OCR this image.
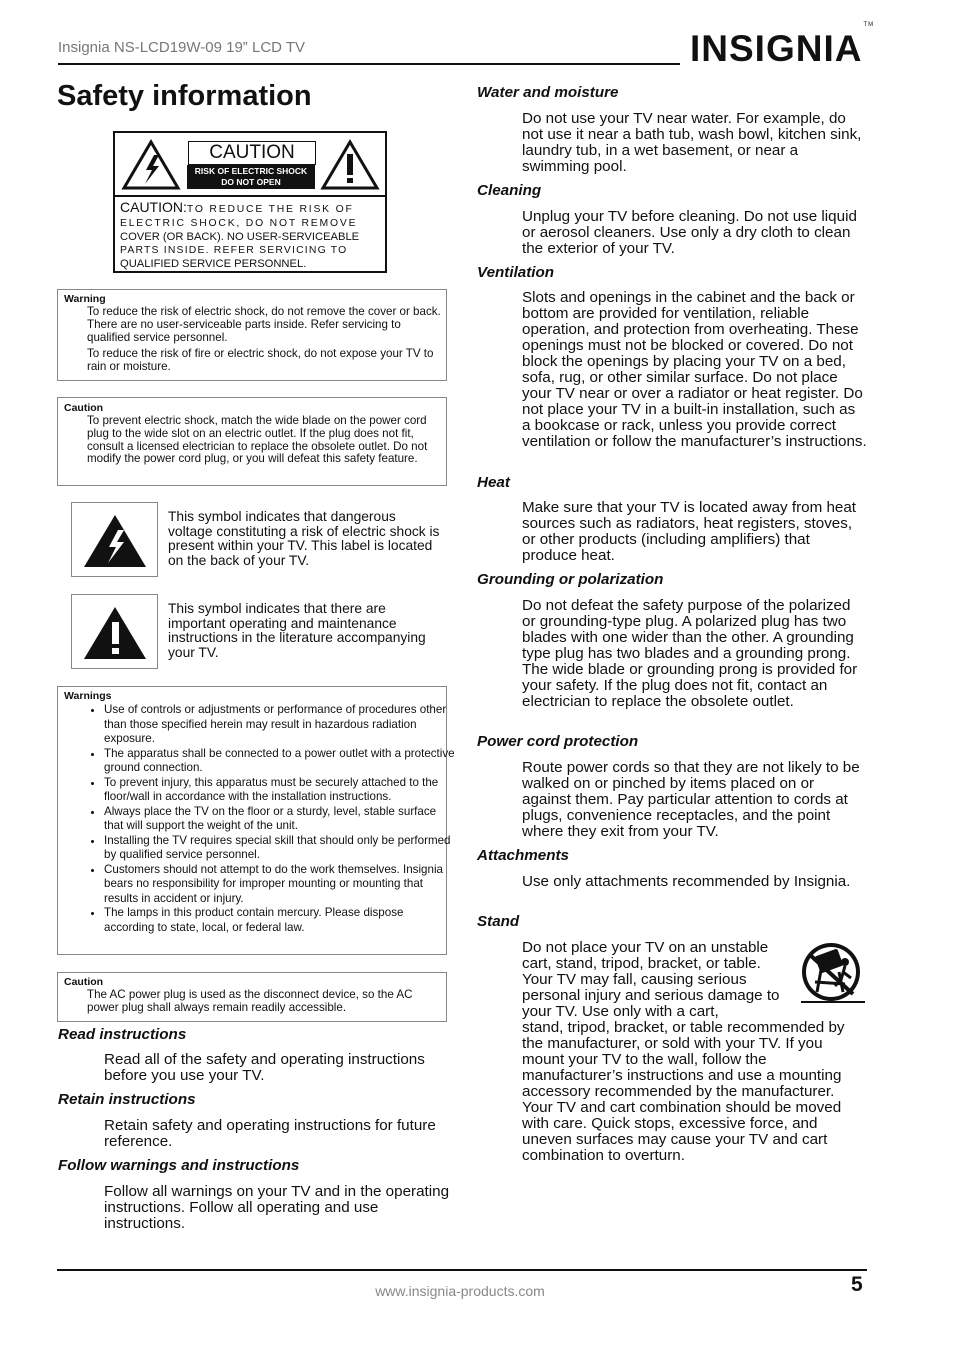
Insignia NS-LCD19W-09 19” LCD TV	INSIGNIA™
Safety information
CAUTION
RISK OF ELECTRIC SHOCK
DO NOT OPEN
CAUTION:TO REDUCE THE RISK OF
ELECTRIC SHOCK, DO NOT REMOVE
COVER (OR BACK). NO USER-SERVICEABLE
PARTS INSIDE. REFER SERVICING TO
QUALIFIED SERVICE PERSONNEL.
Warning
To reduce the risk of electric shock, do not remove the cover or back. There are no user-serviceable parts inside. Refer servicing to qualified service personnel.
To reduce the risk of fire or electric shock, do not expose your TV to rain or moisture.
Caution
To prevent electric shock, match the wide blade on the power cord plug to the wide slot on an electric outlet. If the plug does not fit, consult a licensed electrician to replace the obsolete outlet. Do not modify the power cord plug, or you will defeat this safety feature.
This symbol indicates that dangerous voltage constituting a risk of electric shock is present within your TV. This label is located on the back of your TV.
This symbol indicates that there are important operating and maintenance instructions in the literature accompanying your TV.
Warnings
• Use of controls or adjustments or performance of procedures other than those specified herein may result in hazardous radiation exposure.
• The apparatus shall be connected to a power outlet with a protective ground connection.
• To prevent injury, this apparatus must be securely attached to the floor/wall in accordance with the installation instructions.
• Always place the TV on the floor or a sturdy, level, stable surface that will support the weight of the unit.
• Installing the TV requires special skill that should only be performed by qualified service personnel.
• Customers should not attempt to do the work themselves. Insignia bears no responsibility for improper mounting or mounting that results in accident or injury.
• The lamps in this product contain mercury. Please dispose according to state, local, or federal law.
Caution
The AC power plug is used as the disconnect device, so the AC power plug shall always remain readily accessible.
Read instructions
Read all of the safety and operating instructions before you use your TV.
Retain instructions
Retain safety and operating instructions for future reference.
Follow warnings and instructions
Follow all warnings on your TV and in the operating instructions. Follow all operating and use instructions.
Water and moisture
Do not use your TV near water. For example, do not use it near a bath tub, wash bowl, kitchen sink, laundry tub, in a wet basement, or near a swimming pool.
Cleaning
Unplug your TV before cleaning. Do not use liquid or aerosol cleaners. Use only a dry cloth to clean the exterior of your TV.
Ventilation
Slots and openings in the cabinet and the back or bottom are provided for ventilation, reliable operation, and protection from overheating. These openings must not be blocked or covered. Do not block the openings by placing your TV on a bed, sofa, rug, or other similar surface. Do not place your TV near or over a radiator or heat register. Do not place your TV in a built-in installation, such as a bookcase or rack, unless you provide correct ventilation or follow the manufacturer’s instructions.
Heat
Make sure that your TV is located away from heat sources such as radiators, heat registers, stoves, or other products (including amplifiers) that produce heat.
Grounding or polarization
Do not defeat the safety purpose of the polarized or grounding-type plug. A polarized plug has two blades with one wider than the other. A grounding type plug has two blades and a grounding prong. The wide blade or grounding prong is provided for your safety. If the plug does not fit, contact an electrician to replace the obsolete outlet.
Power cord protection
Route power cords so that they are not likely to be walked on or pinched by items placed on or against them. Pay particular attention to cords at plugs, convenience receptacles, and the point where they exit from your TV.
Attachments
Use only attachments recommended by Insignia.
Stand
Do not place your TV on an unstable cart, stand, tripod, bracket, or table. Your TV may fall, causing serious personal injury and serious damage to your TV. Use only with a cart,
stand, tripod, bracket, or table recommended by the manufacturer, or sold with your TV. If you mount your TV to the wall, follow the manufacturer’s instructions and use a mounting accessory recommended by the manufacturer. Your TV and cart combination should be moved with care. Quick stops, excessive force, and uneven surfaces may cause your TV and cart combination to overturn.
www.insignia-products.com	5
